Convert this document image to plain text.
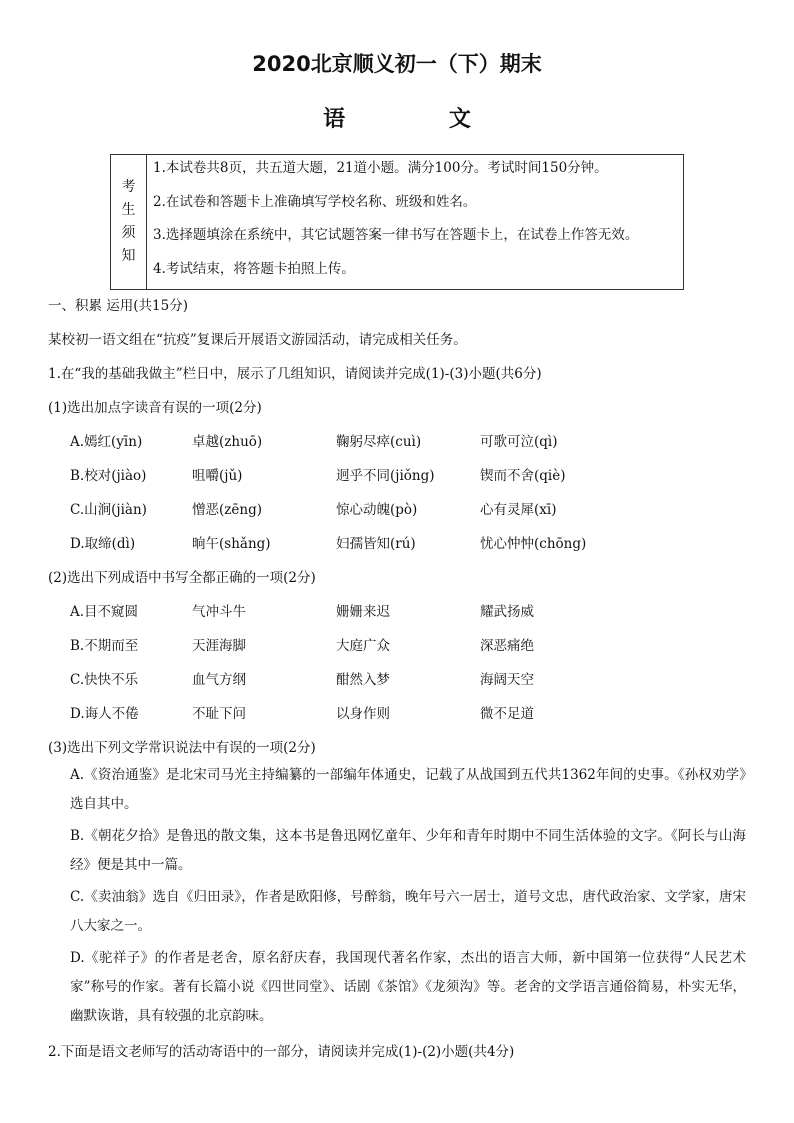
2020北京顺义初一（下）期末
语 文
考
生
须
知
1.本试卷共8页，共五道大题，21道小题。满分100分。考试时间150分钟。
2.在试卷和答题卡上准确填写学校名称、班级和姓名。
3.选择题填涂在系统中，其它试题答案一律书写在答题卡上，在试卷上作答无效。
4.考试结束，将答题卡拍照上传。
一、积累 运用(共15分)
某校初一语文组在“抗疫”复课后开展语文游园活动，请完成相关任务。
1.在“我的基础我做主”栏日中，展示了几组知识，请阅读并完成(1)-(3)小题(共6分)
(1)选出加点字读音有误的一项(2分)
A.嫣红(yīn)	卓越(zhuō)	鞠躬尽瘁(cuì)	可歌可泣(qì)
B.校对(jiào)	咀嚼(jǔ)	迥乎不同(jiǒng)	锲而不舍(qiè)
C.山涧(jiàn)	憎恶(zēng)	惊心动魄(pò)	心有灵犀(xī)
D.取缔(dì)	晌午(shǎng)	妇孺皆知(rú)	忧心忡忡(chōng)
(2)选出下列成语中书写全都正确的一项(2分)
A.目不窥圆	气冲斗牛	姗姗来迟	耀武扬威
B.不期而至	天涯海脚	大庭广众	深恶痛绝
C.快快不乐	血气方纲	酣然入梦	海阔天空
D.诲人不倦	不耻下问	以身作则	微不足道
(3)选出下列文学常识说法中有误的一项(2分)
A.《资治通鉴》是北宋司马光主持编纂的一部编年体通史，记载了从战国到五代共1362年间的史事。《孙权劝学》选自其中。
B.《朝花夕拾》是鲁迅的散文集，这本书是鲁迅网忆童年、少年和青年时期中不同生活体验的文字。《阿长与山海经》便是其中一篇。
C.《卖油翁》选自《归田录》，作者是欧阳修，号醉翁，晚年号六一居士，道号文忠，唐代政治家、文学家，唐宋八大家之一。
D.《驼祥子》的作者是老舍，原名舒庆春，我国现代著名作家，杰出的语言大师，新中国第一位获得“人民艺术家”称号的作家。著有长篇小说《四世同堂》、话剧《茶馆》《龙须沟》等。老舍的文学语言通俗简易，朴实无华，幽默诙谐，具有较强的北京韵味。
2.下面是语文老师写的活动寄语中的一部分，请阅读并完成(1)-(2)小题(共4分)
